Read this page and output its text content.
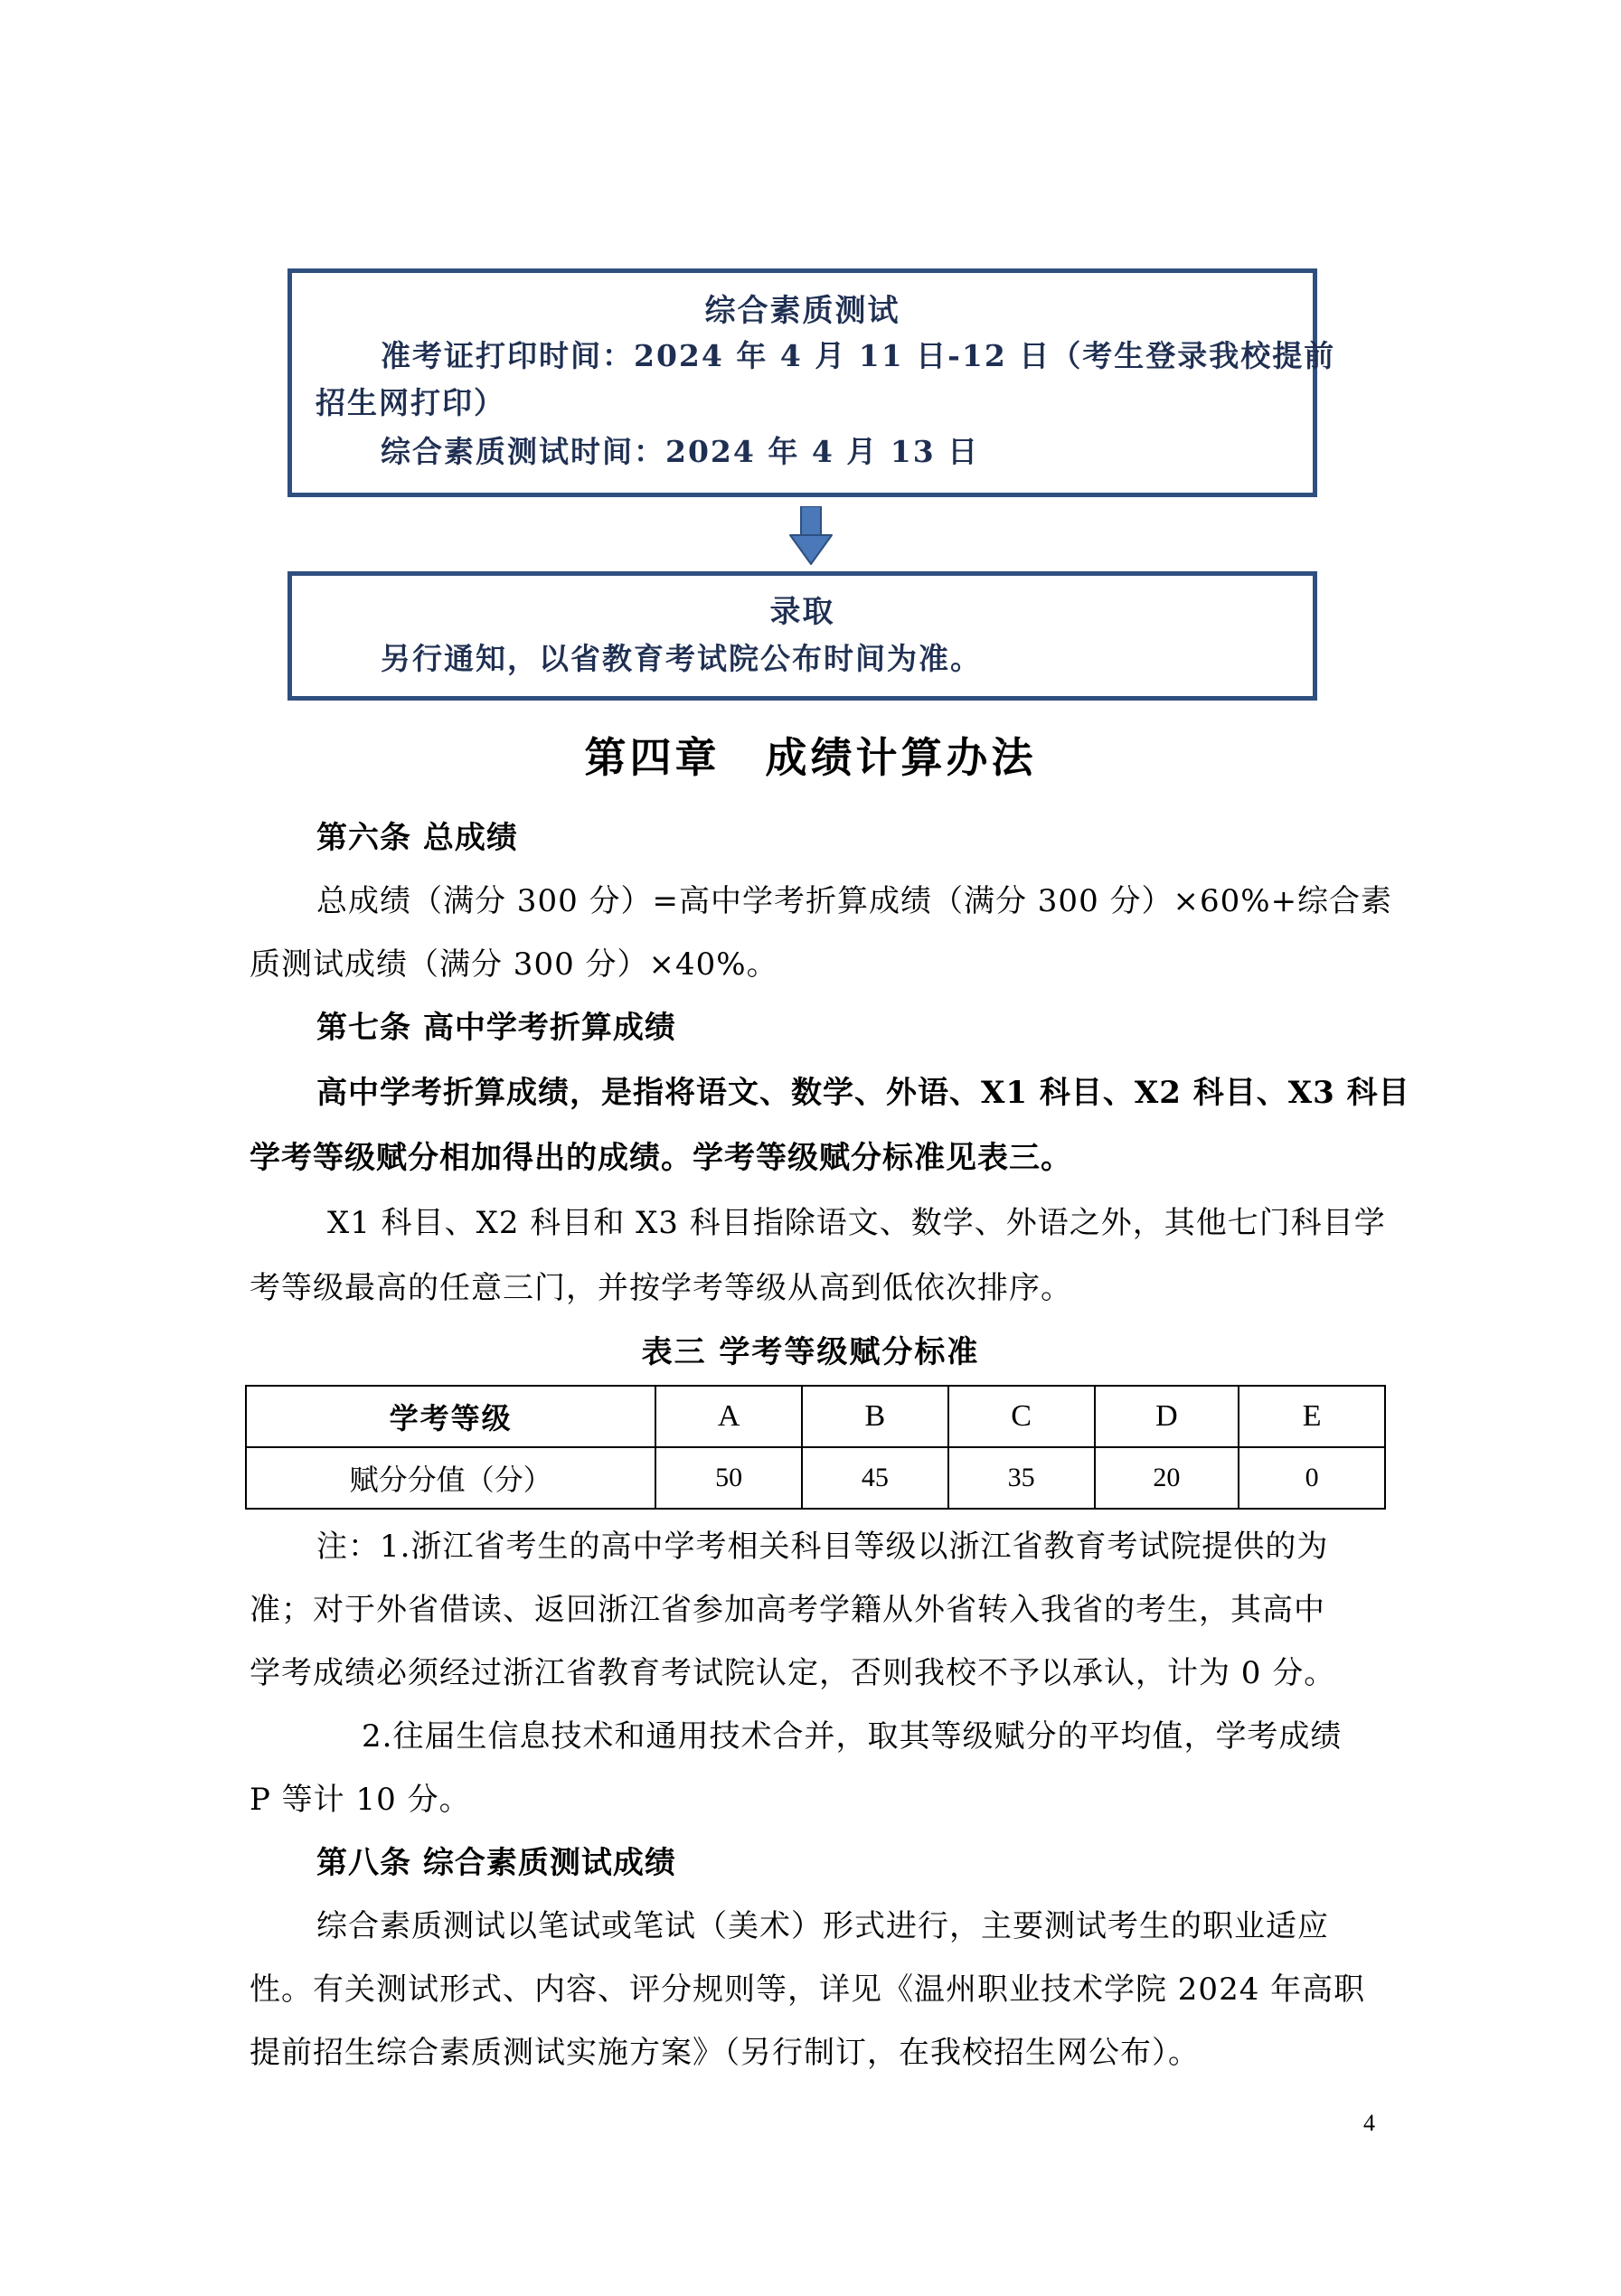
综合素质测试
准考证打印时间：2024 年 4 月 11 日-12 日（考生登录我校提前
招生网打印）
综合素质测试时间：2024 年 4 月 13 日
录取
另行通知，以省教育考试院公布时间为准。
第四章　成绩计算办法
第六条 总成绩
总成绩（满分 300 分）=高中学考折算成绩（满分 300 分）×60%+综合素
质测试成绩（满分 300 分）×40%。
第七条 高中学考折算成绩
高中学考折算成绩，是指将语文、数学、外语、X1 科目、X2 科目、X3 科目
学考等级赋分相加得出的成绩。学考等级赋分标准见表三。
X1 科目、X2 科目和 X3 科目指除语文、数学、外语之外，其他七门科目学
考等级最高的任意三门，并按学考等级从高到低依次排序。
表三 学考等级赋分标准
学考等级	A	B	C	D	E
赋分分值（分）	50	45	35	20	0
注：1.浙江省考生的高中学考相关科目等级以浙江省教育考试院提供的为
准；对于外省借读、返回浙江省参加高考学籍从外省转入我省的考生，其高中
学考成绩必须经过浙江省教育考试院认定，否则我校不予以承认，计为 0 分。
2.往届生信息技术和通用技术合并，取其等级赋分的平均值，学考成绩
P 等计 10 分。
第八条 综合素质测试成绩
综合素质测试以笔试或笔试（美术）形式进行，主要测试考生的职业适应
性。有关测试形式、内容、评分规则等，详见《温州职业技术学院 2024 年高职
提前招生综合素质测试实施方案》（另行制订，在我校招生网公布）。
4
